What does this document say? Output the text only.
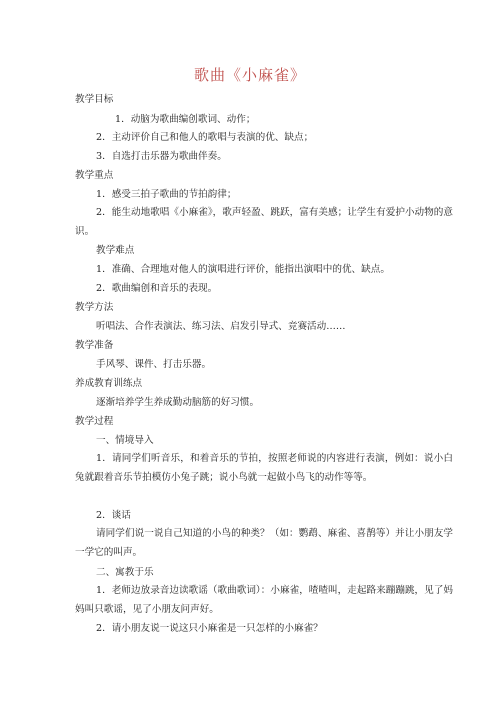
歌曲《小麻雀》
教学目标
1．动脑为歌曲编创歌词、动作；
2．主动评价自己和他人的歌唱与表演的优、缺点；
3．自选打击乐器为歌曲伴奏。
教学重点
1．感受三拍子歌曲的节拍韵律；
2．能生动地歌唱《小麻雀》，歌声轻盈、跳跃，富有美感；让学生有爱护小动物的意识。
教学难点
1．准确、合理地对他人的演唱进行评价，能指出演唱中的优、缺点。
2．歌曲编创和音乐的表现。
教学方法
听唱法、合作表演法、练习法、启发引导式、竞赛活动……
教学准备
手风琴、课件、打击乐器。
养成教育训练点
逐渐培养学生养成勤动脑筋的好习惯。
教学过程
一、情境导入
1．请同学们听音乐，和着音乐的节拍，按照老师说的内容进行表演，例如：说小白兔就跟着音乐节拍模仿小兔子跳；说小鸟就一起做小鸟飞的动作等等。
2．谈话
请同学们说一说自己知道的小鸟的种类？（如：鹦鹉、麻雀、喜鹊等）并让小朋友学一学它的叫声。
二、寓教于乐
1．老师边放录音边读歌谣（歌曲歌词）：小麻雀，喳喳叫，走起路来蹦蹦跳，见了妈妈叫只歌谣，见了小朋友问声好。
2．请小朋友说一说这只小麻雀是一只怎样的小麻雀？
